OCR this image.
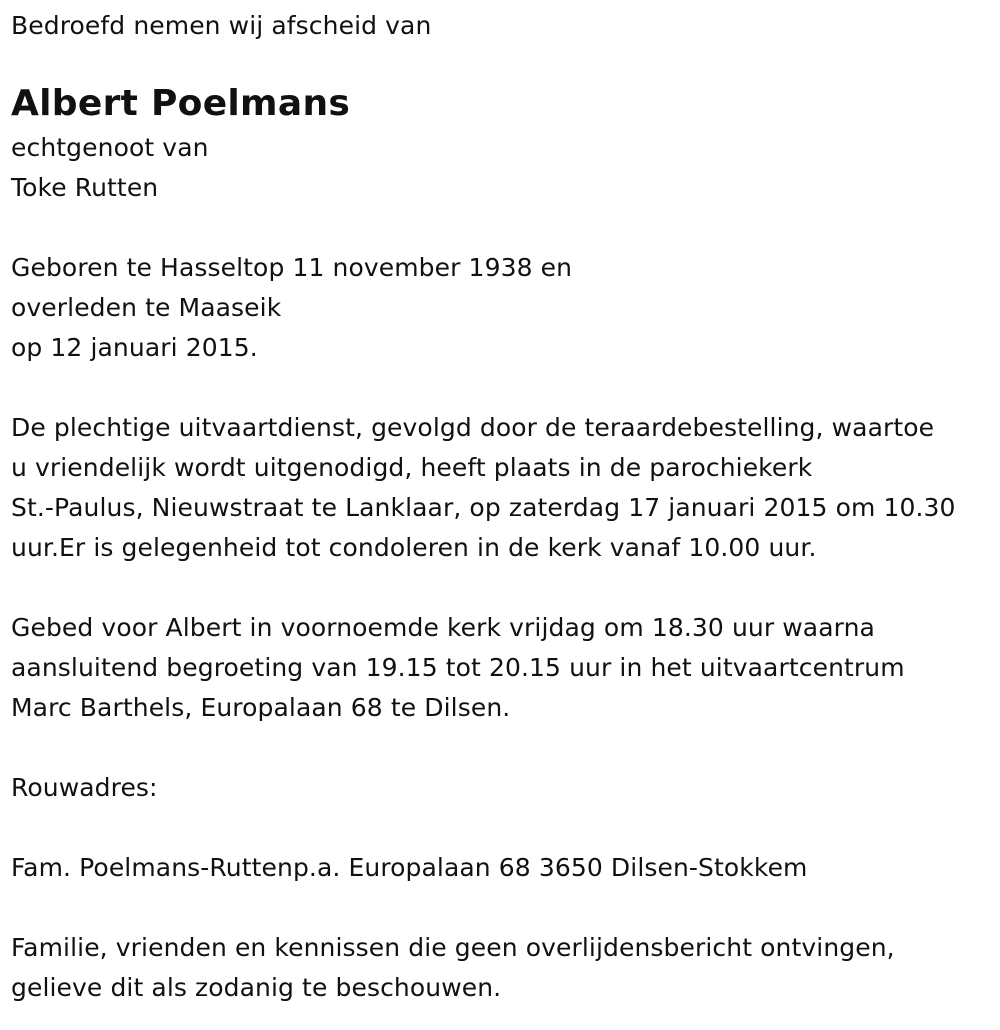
Bedroefd nemen wij afscheid van
Albert Poelmans
echtgenoot van
Toke Rutten
Geboren te Hasseltop 11 november 1938 en
overleden te Maaseik
op 12 januari 2015.
De plechtige uitvaartdienst, gevolgd door de teraardebestelling, waartoe
u vriendelijk wordt uitgenodigd, heeft plaats in de parochiekerk
St.-Paulus, Nieuwstraat te Lanklaar, op zaterdag 17 januari 2015 om 10.30
uur.Er is gelegenheid tot condoleren in de kerk vanaf 10.00 uur.
Gebed voor Albert in voornoemde kerk vrijdag om 18.30 uur waarna
aansluitend begroeting van 19.15 tot 20.15 uur in het uitvaartcentrum
Marc Barthels, Europalaan 68 te Dilsen.
Rouwadres:
Fam. Poelmans-Ruttenp.a. Europalaan 68 3650 Dilsen-Stokkem
Familie, vrienden en kennissen die geen overlijdensbericht ontvingen,
gelieve dit als zodanig te beschouwen.
